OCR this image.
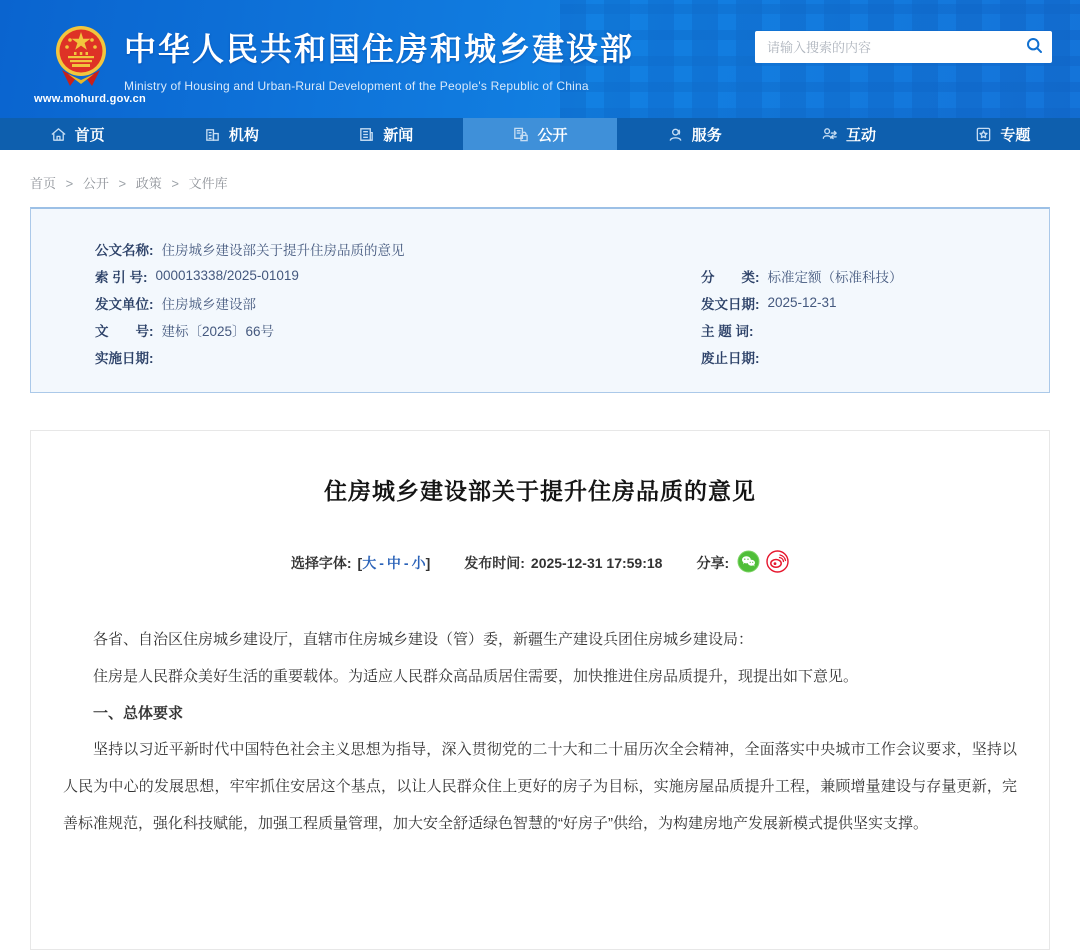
www.mohurd.gov.cn
中华人民共和国住房和城乡建设部
Ministry of Housing and Urban-Rural Development of the People's Republic of China
请输入搜索的内容
首页	机构	新闻	公开	服务	互动	专题
首页 > 公开 > 政策 > 文件库
公文名称: 住房城乡建设部关于提升住房品质的意见
索 引 号: 000013338/2025-01019
发文单位: 住房城乡建设部
文　　号: 建标〔2025〕66号
实施日期:
分　　类: 标准定额（标准科技）
发文日期: 2025-12-31
主 题 词:
废止日期:
住房城乡建设部关于提升住房品质的意见
选择字体: [大 - 中 - 小] 发布时间: 2025-12-31 17:59:18 分享:

各省、自治区住房城乡建设厅，直辖市住房城乡建设（管）委，新疆生产建设兵团住房城乡建设局：

住房是人民群众美好生活的重要载体。为适应人民群众高品质居住需要，加快推进住房品质提升，现提出如下意见。

一、总体要求

坚持以习近平新时代中国特色社会主义思想为指导，深入贯彻党的二十大和二十届历次全会精神，全面落实中央城市工作会议要求，坚持以人民为中心的发展思想，牢牢抓住安居这个基点，以让人民群众住上更好的房子为目标，实施房屋品质提升工程，兼顾增量建设与存量更新，完善标准规范，强化科技赋能，加强工程质量管理，加大安全舒适绿色智慧的“好房子”供给，为构建房地产发展新模式提供坚实支撑。
